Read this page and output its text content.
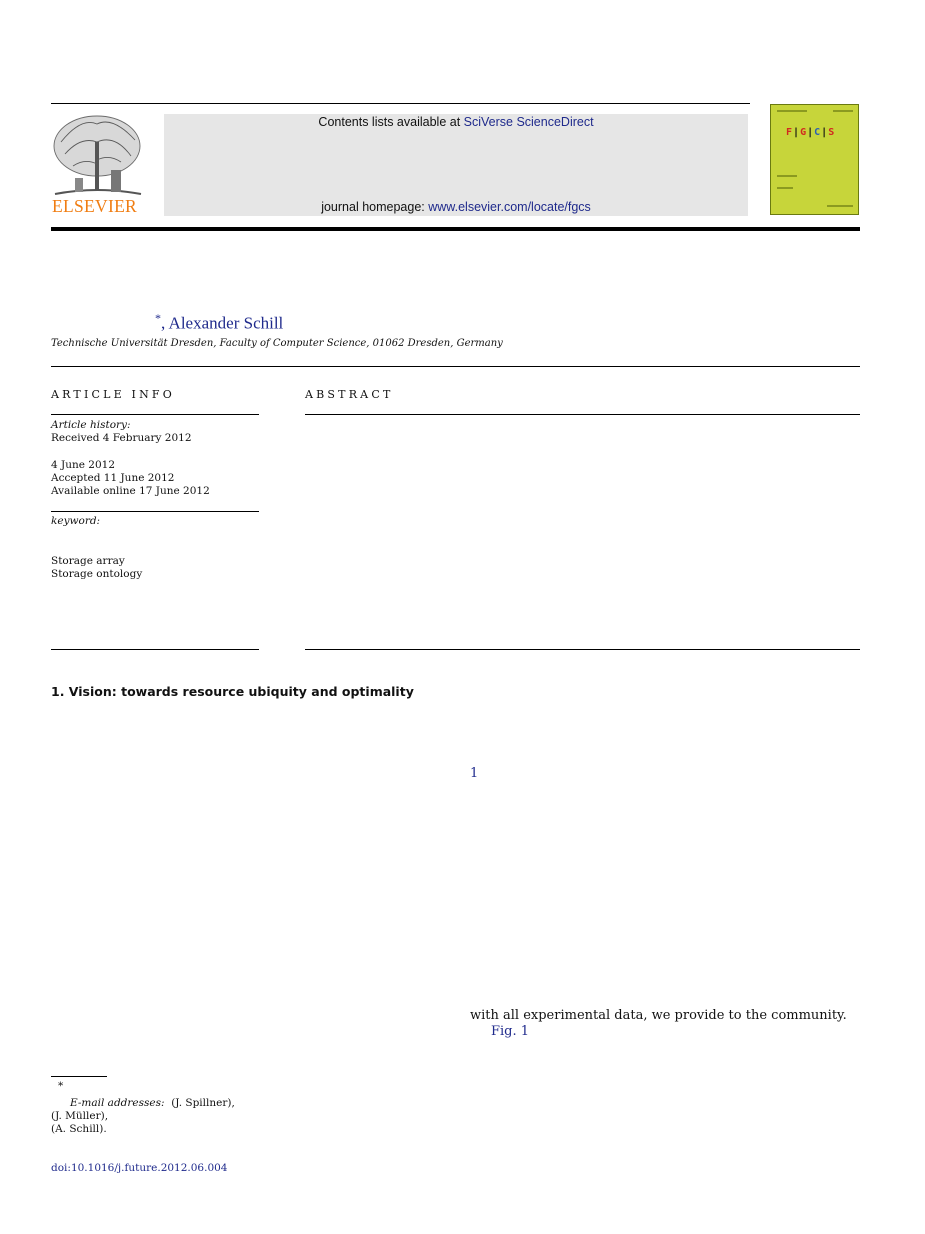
ELSEVIER
Contents lists available at SciVerse ScienceDirect
journal homepage: www.elsevier.com/locate/fgcs
F|G|C|S
*, Alexander Schill
Technische Universität Dresden, Faculty of Computer Science, 01062 Dresden, Germany
ARTICLE INFO
Article history:
Received 4 February 2012
4 June 2012
Accepted 11 June 2012
Available online 17 June 2012
keyword:
Storage array
Storage ontology
ABSTRACT
1. Vision: towards resource ubiquity and optimality
1
with all experimental data, we provide to the community.
Fig. 1
*
E-mail addresses:  (J. Spillner),
(J. Müller),
(A. Schill).
doi:10.1016/j.future.2012.06.004
